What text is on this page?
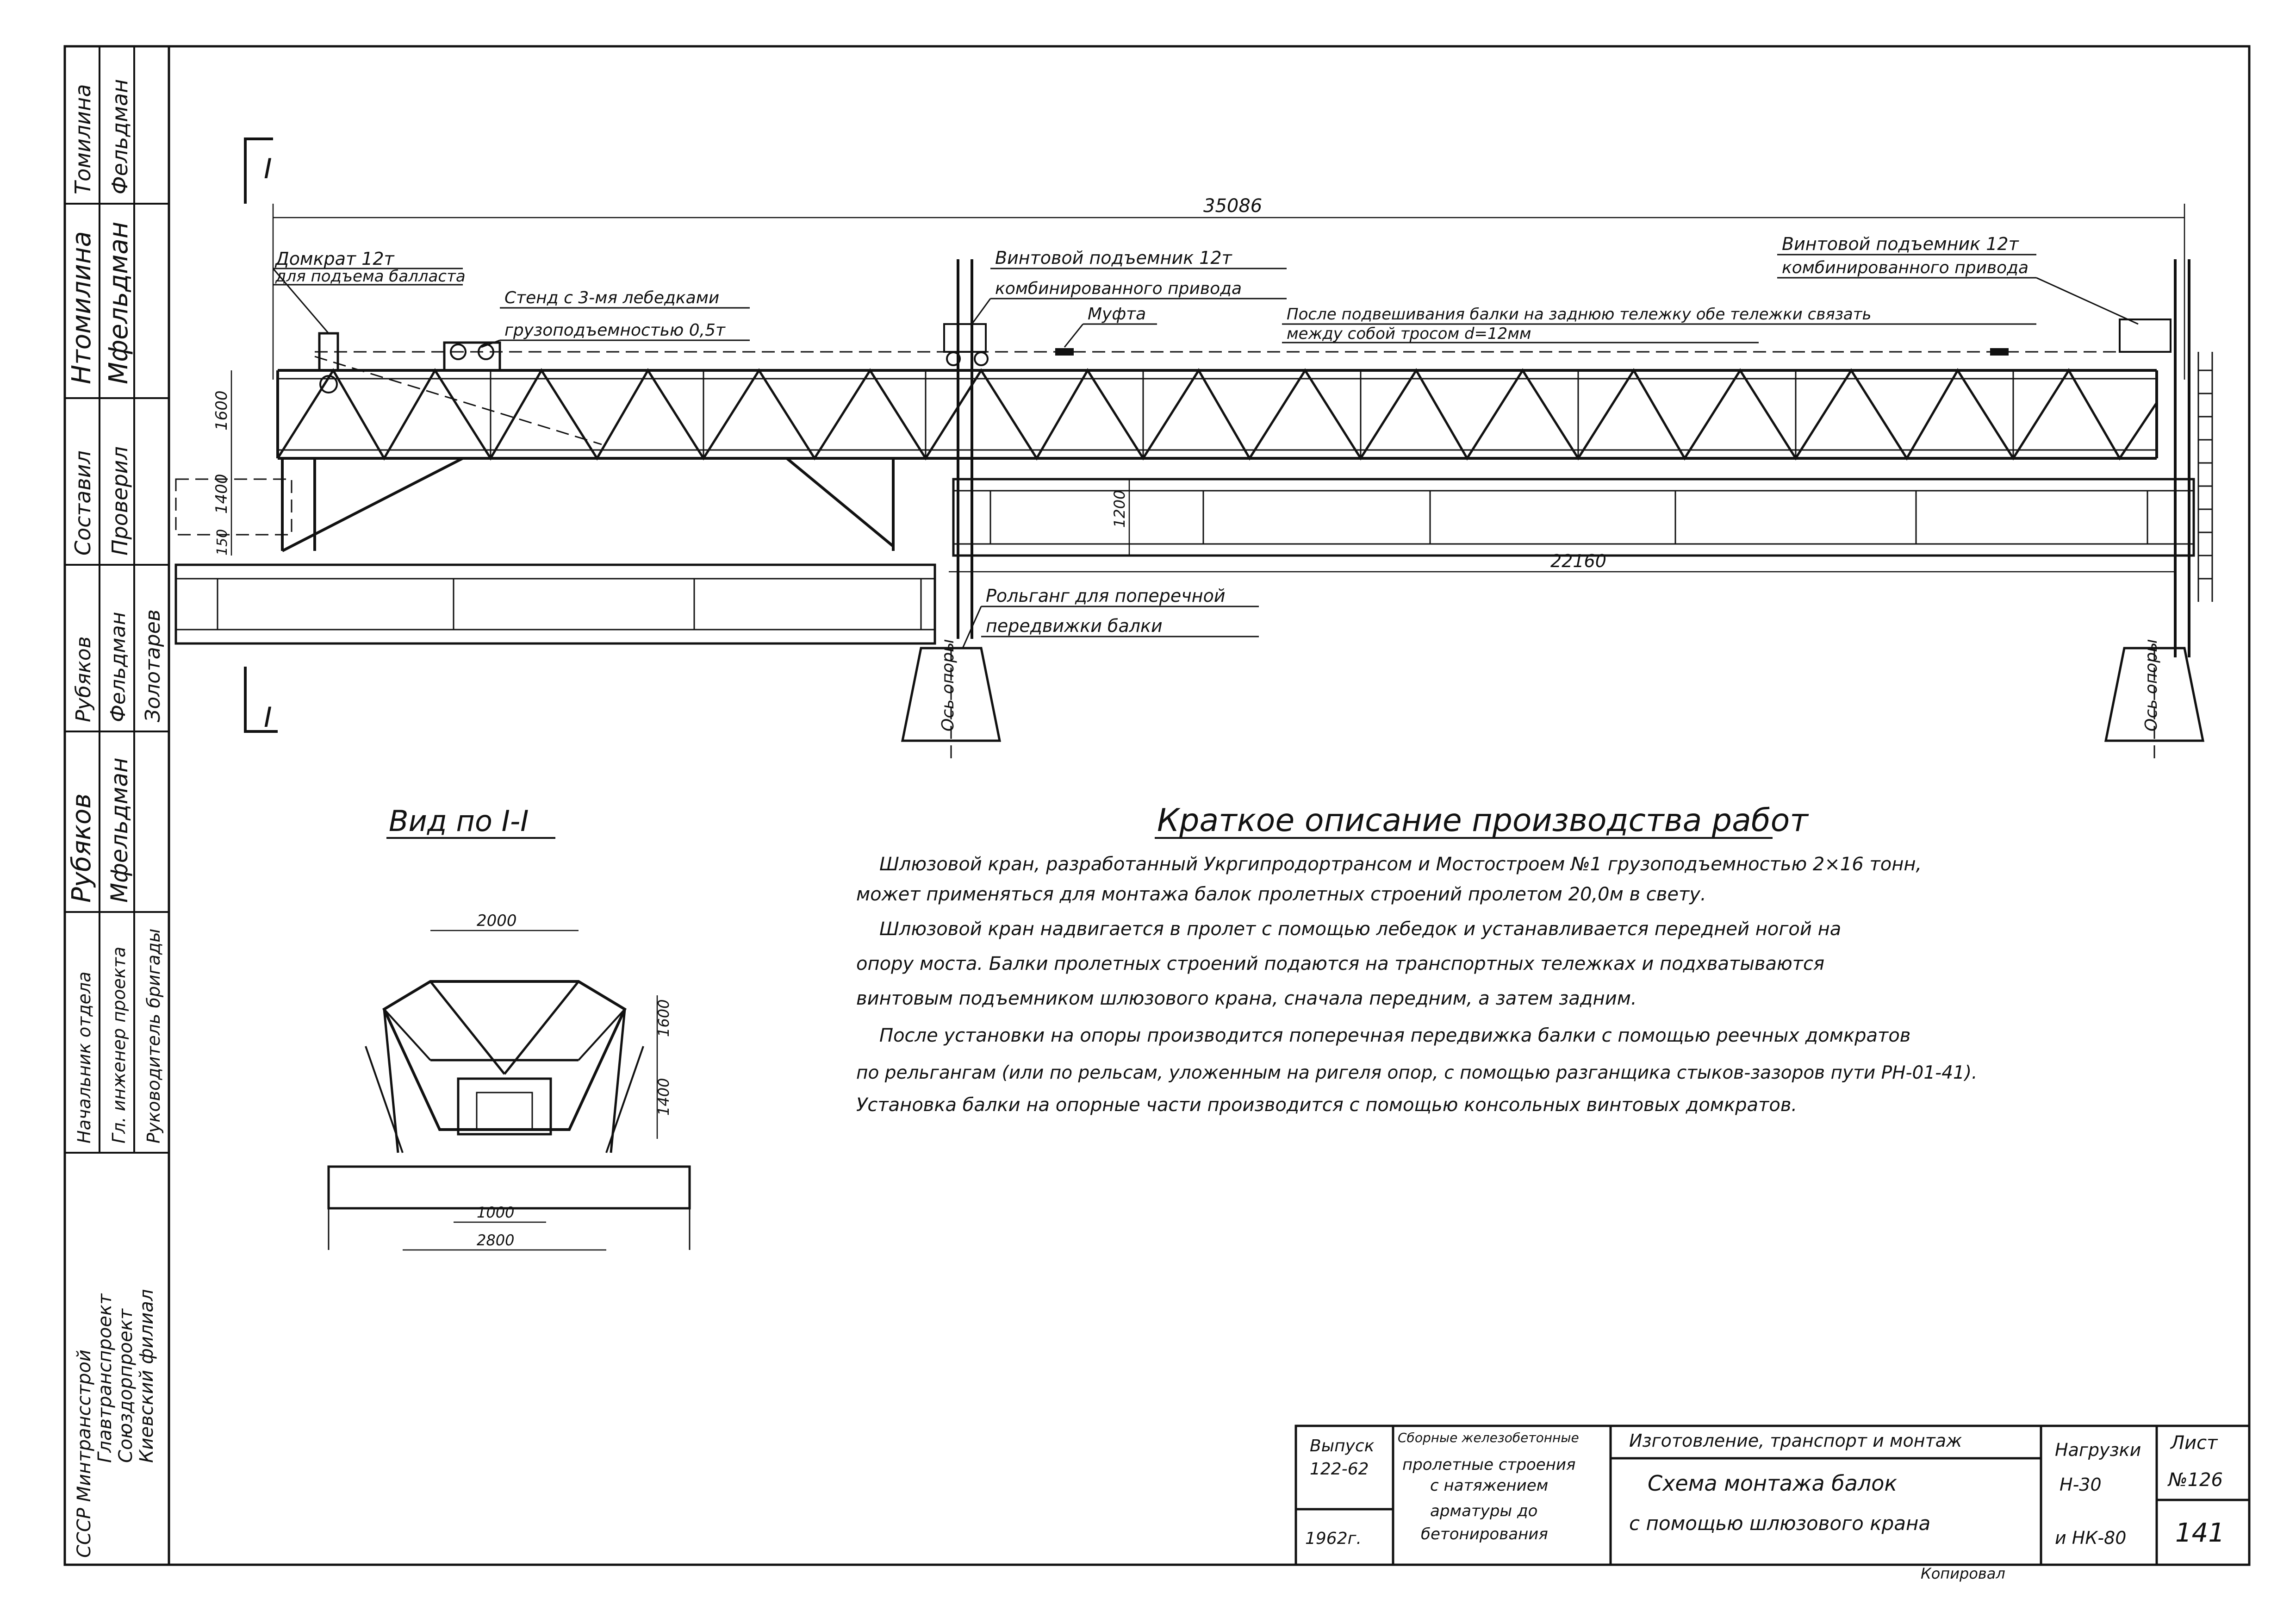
Томилина Фельдман
Нтомилина Мфельдман
Составил Проверил
Рубяков Фельдман Золотарев
Рубяков Мфельдман
Начальник отдела Гл. инженер проекта Руководитель бригады
СССР Минтрансстрой Главтранспроект Союздорпроект Киевский филиал
I
I
35086
Ось опоры	Ось опоры
22160
1600
1400
150
1200
Домкрат 12т
для подъема балласта
Стенд с 3-мя лебедками
грузоподъемностью 0,5т
Винтовой подъемник 12т
комбинированного привода
Муфта	После подвешивания балки на заднюю тележку обе тележки связать
между собой тросом d=12мм
Винтовой подъемник 12т
комбинированного привода
Рольганг для поперечной
передвижки балки
Вид по I-I
2000
1600
1400
1000
2800
Краткое описание производства работ
Шлюзовой кран, разработанный Укргипродортрансом и Мостостроем №1 грузоподъемностью 2×16 тонн,
может применяться для монтажа балок пролетных строений пролетом 20,0м в свету.
Шлюзовой кран надвигается в пролет с помощью лебедок и устанавливается передней ногой на
опору моста. Балки пролетных строений подаются на транспортных тележках и подхватываются
винтовым подъемником шлюзового крана, сначала передним, а затем задним.
После установки на опоры производится поперечная передвижка балки с помощью реечных домкратов
по рельгангам (или по рельсам, уложенным на ригеля опор, с помощью разганщика стыков-зазоров пути РН-01-41).
Установка балки на опорные части производится с помощью консольных винтовых домкратов.
Выпуск
122-62
1962г.
Сборные железобетонные
пролетные строения
с натяжением
арматуры до
бетонирования
Изготовление, транспорт и монтаж
Схема монтажа балок
с помощью шлюзового крана
Нагрузки
Н-30
и НК-80
Лист
№126
141
Копировал
